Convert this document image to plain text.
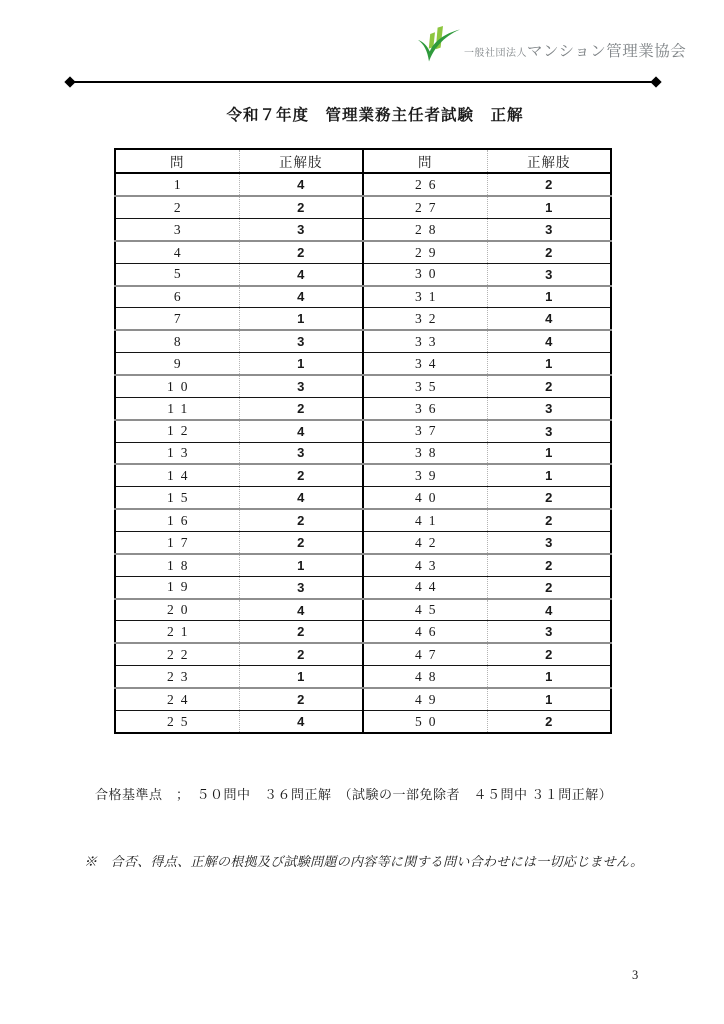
一般社団法人 マンション管理業協会
令和７年度　管理業務主任者試験　正解
問	正解肢	問	正解肢
1	4	26	2
2	2	27	1
3	3	28	3
4	2	29	2
5	4	30	3
6	4	31	1
7	1	32	4
8	3	33	4
9	1	34	1
10	3	35	2
11	2	36	3
12	4	37	3
13	3	38	1
14	2	39	1
15	4	40	2
16	2	41	2
17	2	42	3
18	1	43	2
19	3	44	2
20	4	45	4
21	2	46	3
22	2	47	2
23	1	48	1
24	2	49	1
25	4	50	2

合格基準点　；　５０問中　３６問正解　（試験の一部免除者　４５問中 ３１問正解）

※　合否、得点、正解の根拠及び試験問題の内容等に関する問い合わせには一切応じません。

3
